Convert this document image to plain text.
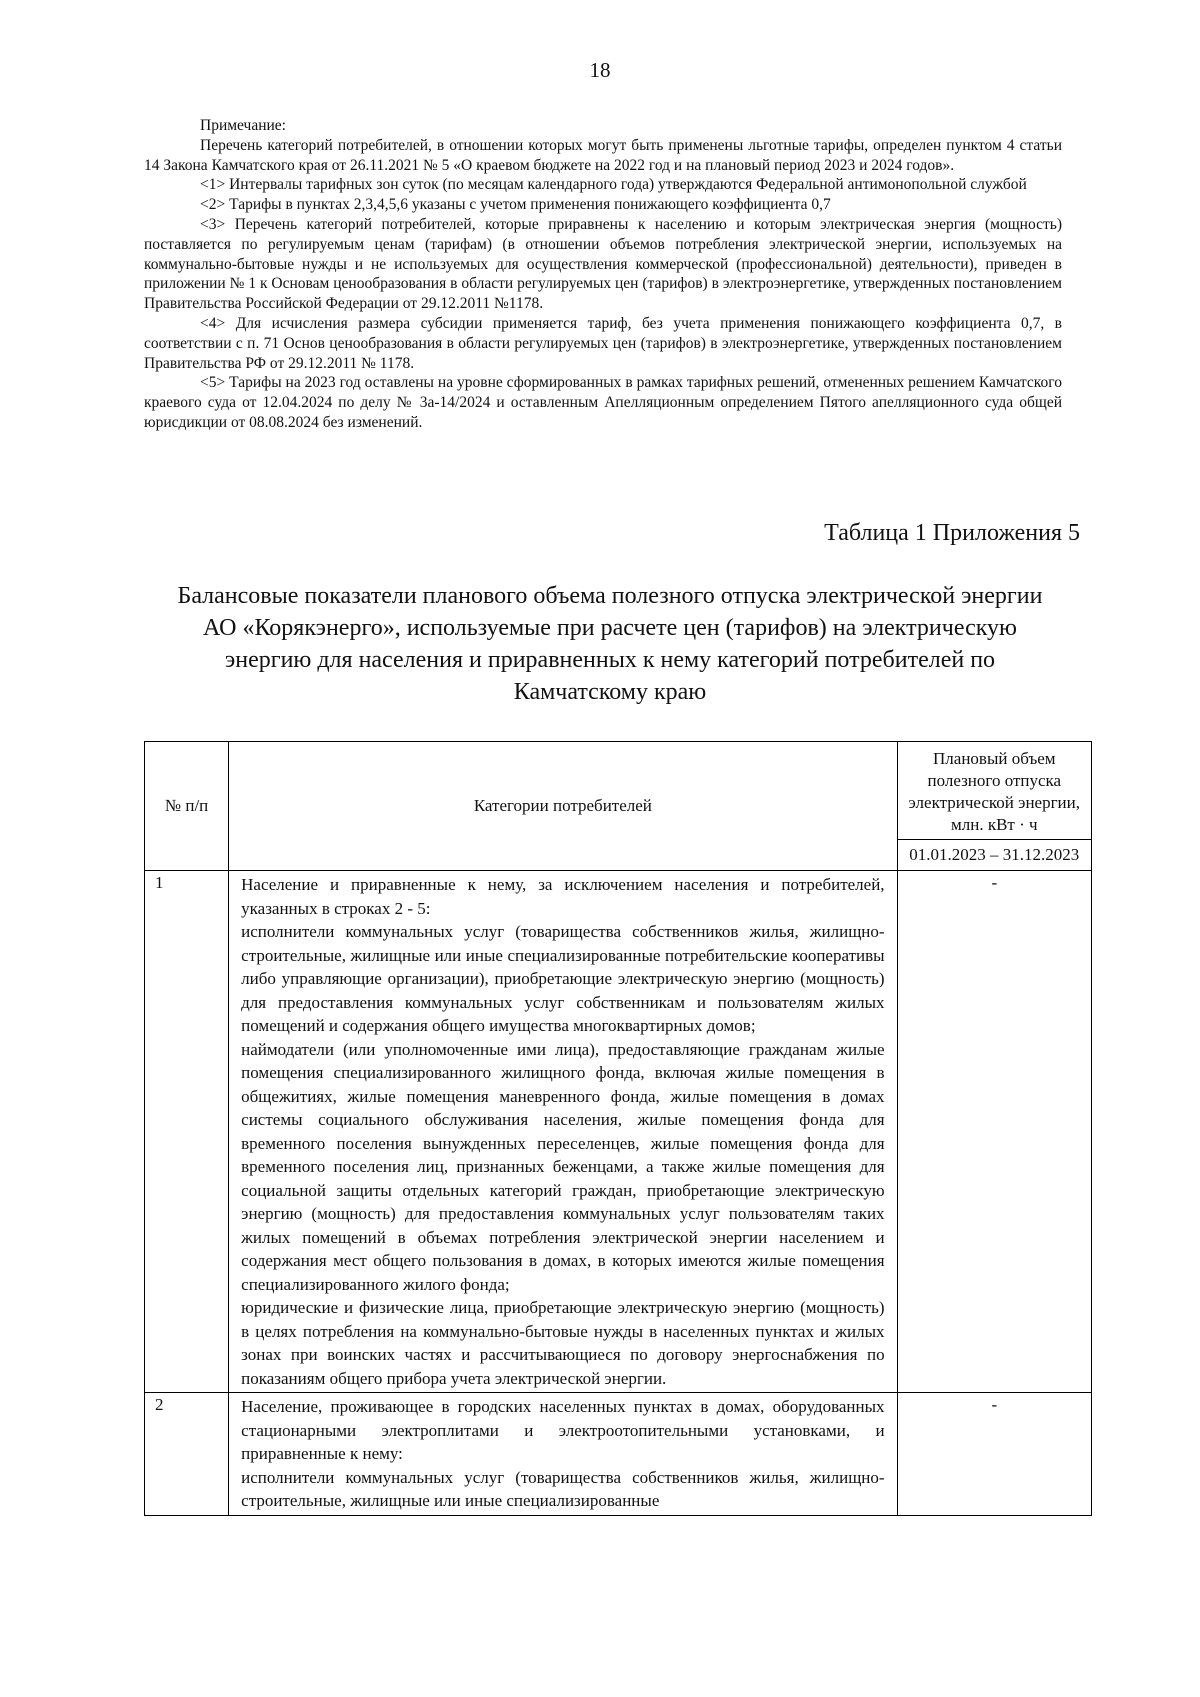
18

Примечание:

Перечень категорий потребителей, в отношении которых могут быть применены льготные тарифы, определен пунктом 4 статьи 14 Закона Камчатского края от 26.11.2021 № 5 «О краевом бюджете на 2022 год и на плановый период 2023 и 2024 годов».

<1> Интервалы тарифных зон суток (по месяцам календарного года) утверждаются Федеральной антимонопольной службой

<2> Тарифы в пунктах 2,3,4,5,6 указаны с учетом применения понижающего коэффициента 0,7

<3> Перечень категорий потребителей, которые приравнены к населению и которым электрическая энергия (мощность) поставляется по регулируемым ценам (тарифам) (в отношении объемов потребления электрической энергии, используемых на коммунально-бытовые нужды и не используемых для осуществления коммерческой (профессиональной) деятельности), приведен в приложении № 1 к Основам ценообразования в области регулируемых цен (тарифов) в электроэнергетике, утвержденных постановлением Правительства Российской Федерации от 29.12.2011 №1178.

<4> Для исчисления размера субсидии применяется тариф, без учета применения понижающего коэффициента 0,7, в соответствии с п. 71 Основ ценообразования в области регулируемых цен (тарифов) в электроэнергетике, утвержденных постановлением Правительства РФ от 29.12.2011 № 1178.

<5> Тарифы на 2023 год оставлены на уровне сформированных в рамках тарифных решений, отмененных решением Камчатского краевого суда от 12.04.2024 по делу № 3а-14/2024 и оставленным Апелляционным определением Пятого апелляционного суда общей юрисдикции от 08.08.2024 без изменений.

Таблица 1 Приложения 5
Балансовые показатели планового объема полезного отпуска электрической энергии АО «Корякэнерго», используемые при расчете цен (тарифов) на электрическую энергию для населения и приравненных к нему категорий потребителей по Камчатскому краю
№ п/п	Категории потребителей	Плановый объем полезного отпуска электрической энергии, млн. кВт · ч
		01.01.2023 – 31.12.2023
1	Население и приравненные к нему, за исключением населения и потребителей, указанных в строках 2 - 5:

исполнители коммунальных услуг (товарищества собственников жилья, жилищно-строительные, жилищные или иные специализированные потребительские кооперативы либо управляющие организации), приобретающие электрическую энергию (мощность) для предоставления коммунальных услуг собственникам и пользователям жилых помещений и содержания общего имущества многоквартирных домов;

наймодатели (или уполномоченные ими лица), предоставляющие гражданам жилые помещения специализированного жилищного фонда, включая жилые помещения в общежитиях, жилые помещения маневренного фонда, жилые помещения в домах системы социального обслуживания населения, жилые помещения фонда для временного поселения вынужденных переселенцев, жилые помещения фонда для временного поселения лиц, признанных беженцами, а также жилые помещения для социальной защиты отдельных категорий граждан, приобретающие электрическую энергию (мощность) для предоставления коммунальных услуг пользователям таких жилых помещений в объемах потребления электрической энергии населением и содержания мест общего пользования в домах, в которых имеются жилые помещения специализированного жилого фонда;

юридические и физические лица, приобретающие электрическую энергию (мощность) в целях потребления на коммунально-бытовые нужды в населенных пунктах и жилых зонах при воинских частях и рассчитывающиеся по договору энергоснабжения по показаниям общего прибора учета электрической энергии.	-
2	Население, проживающее в городских населенных пунктах в домах, оборудованных стационарными электроплитами и электроотопительными установками, и приравненные к нему:

исполнители коммунальных услуг (товарищества собственников жилья, жилищно-строительные, жилищные или иные специализированные	-
